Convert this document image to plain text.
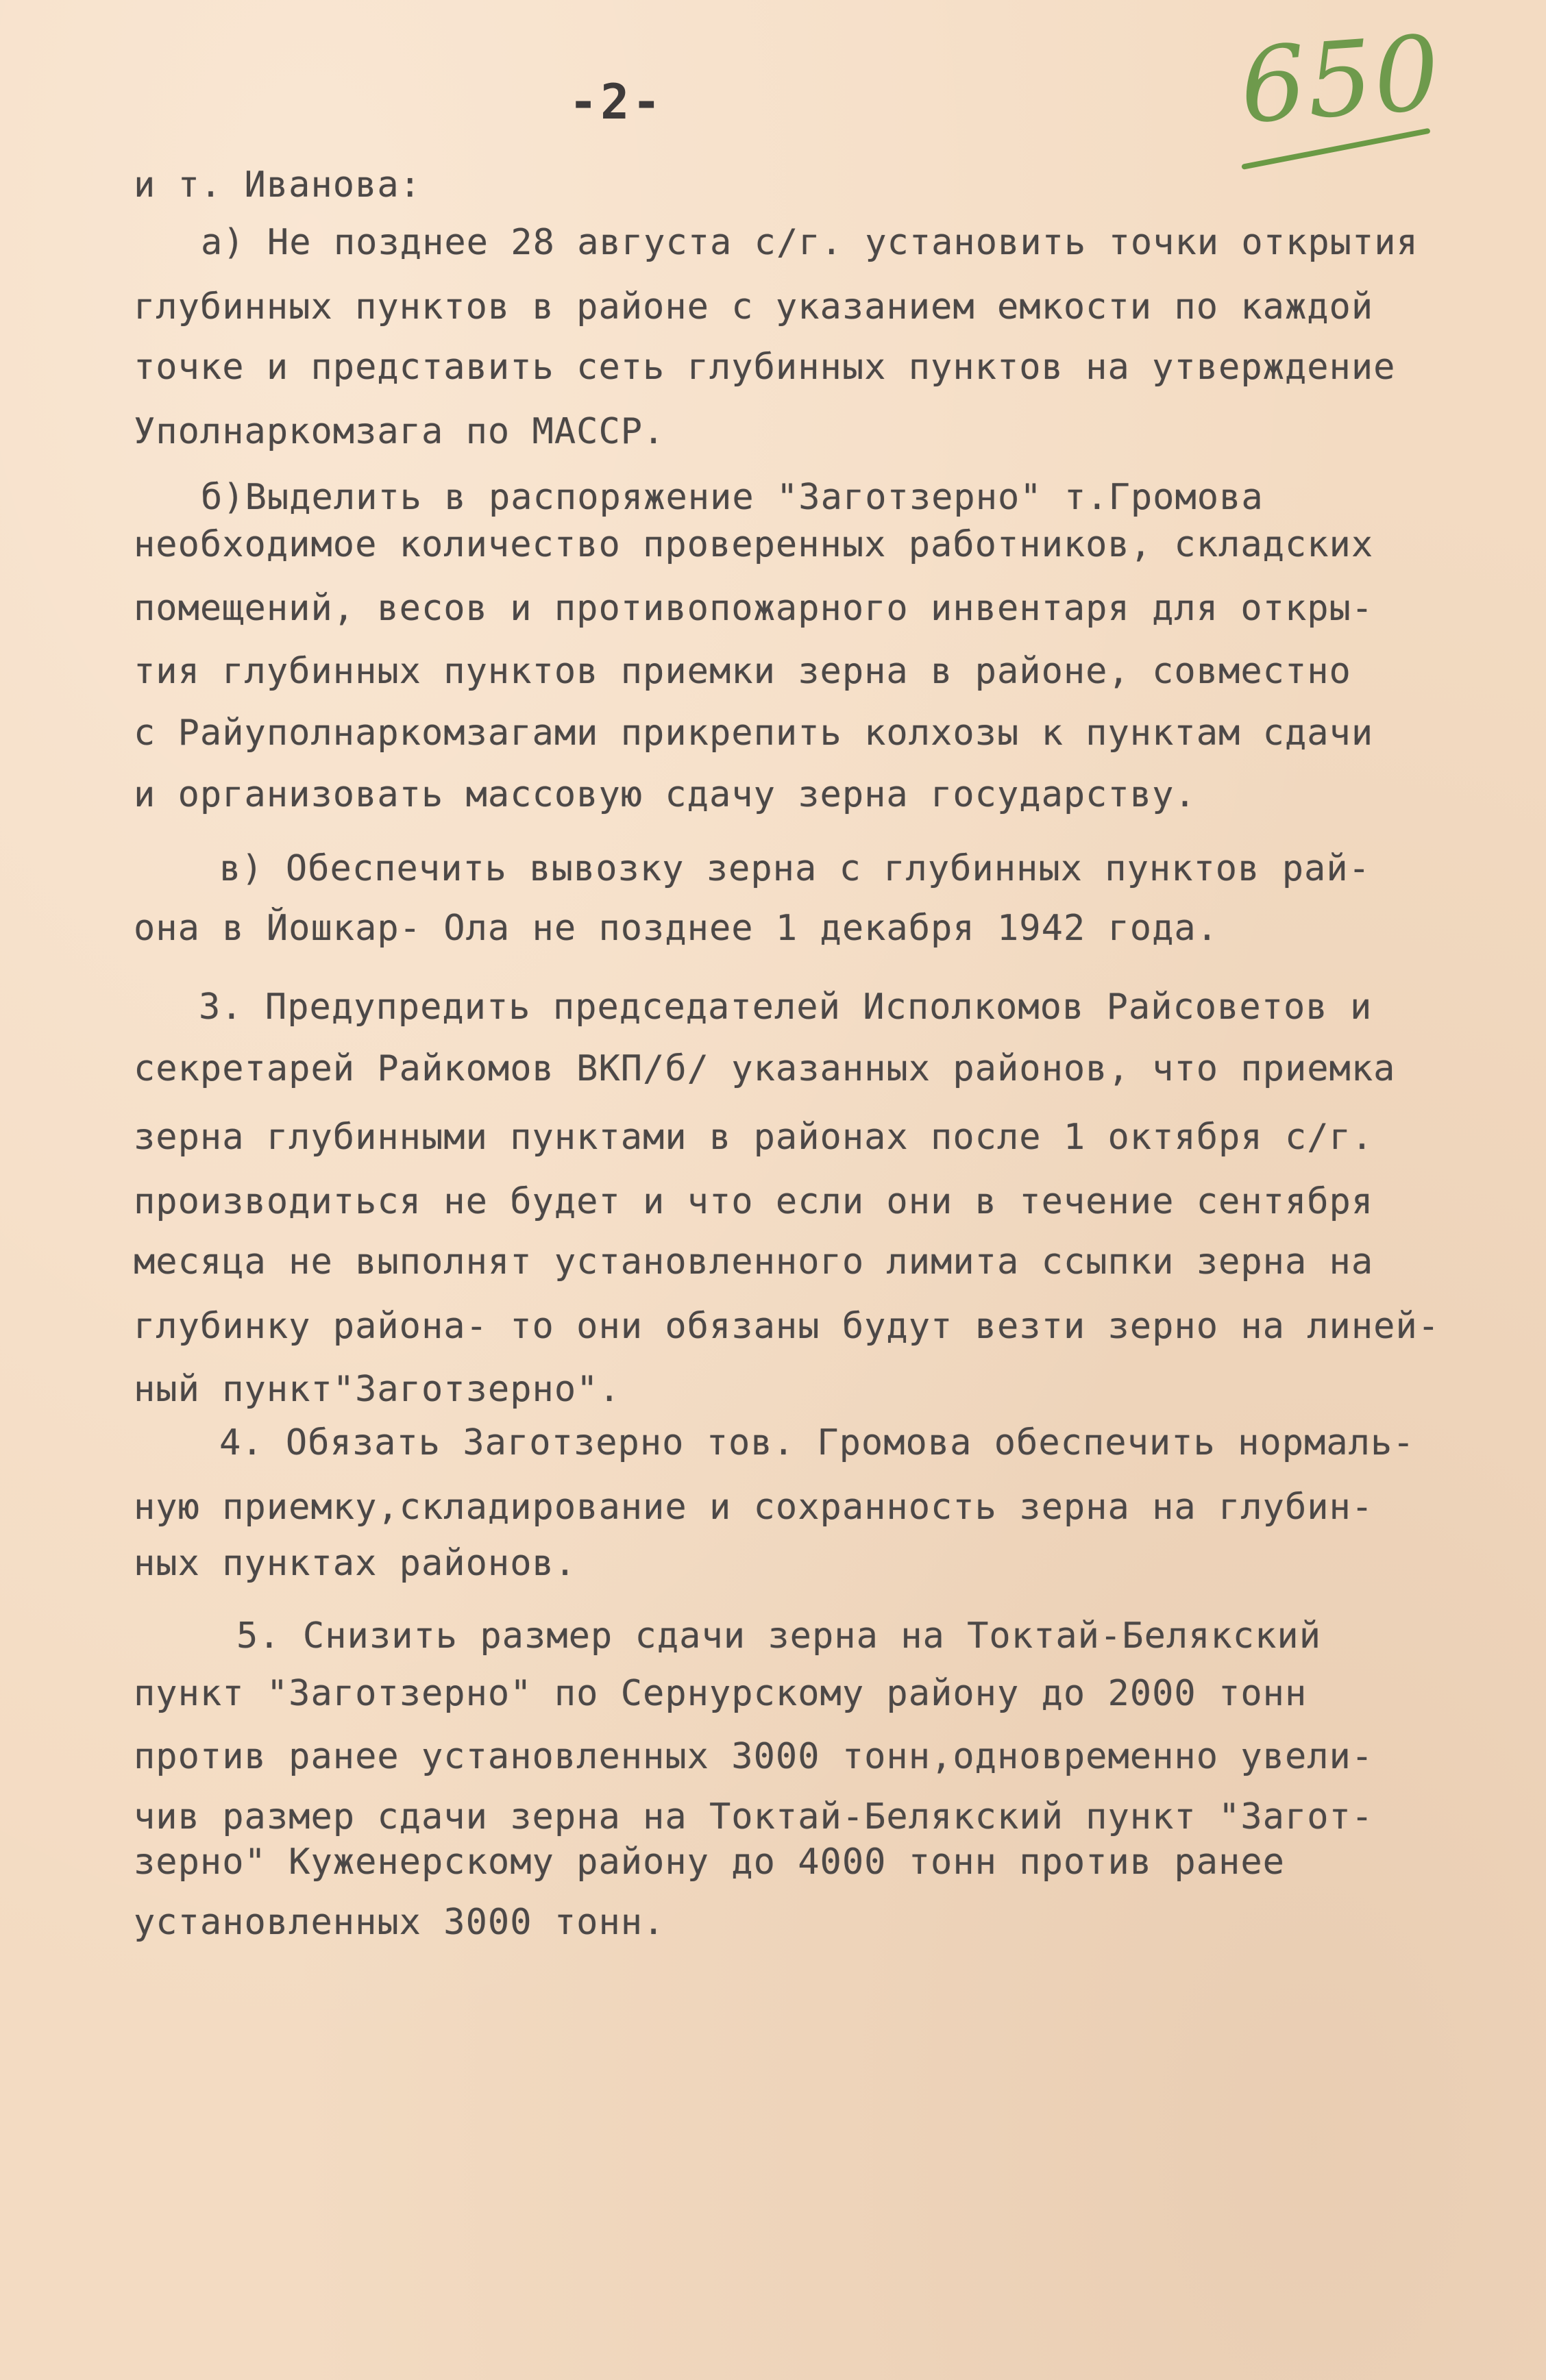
-2-	650
и т. Иванова:
а) Не позднее 28 августа с/г. установить точки открытия
глубинных пунктов в районе с указанием емкости по каждой
точке и представить сеть глубинных пунктов на утверждение
Уполнаркомзага по МАССР.
б)Выделить в распоряжение "Заготзерно" т.Громова
необходимое количество проверенных работников, складских
помещений, весов и противопожарного инвентаря для откры-
тия глубинных пунктов приемки зерна в районе, совместно
с Райуполнаркомзагами прикрепить колхозы к пунктам сдачи
и организовать массовую сдачу зерна государству.
в) Обеспечить вывозку зерна с глубинных пунктов рай-
она в Йошкар- Ола не позднее 1 декабря 1942 года.
3. Предупредить председателей Исполкомов Райсоветов и
секретарей Райкомов ВКП/б/ указанных районов, что приемка
зерна глубинными пунктами в районах после 1 октября с/г.
производиться не будет и что если они в течение сентября
месяца не выполнят установленного лимита ссыпки зерна на
глубинку района- то они обязаны будут везти зерно на линей-
ный пункт"Заготзерно".
4. Обязать Заготзерно тов. Громова обеспечить нормаль-
ную приемку,складирование и сохранность зерна на глубин-
ных пунктах районов.
5. Снизить размер сдачи зерна на Токтай-Белякский
пункт "Заготзерно" по Сернурскому району до 2000 тонн
против ранее установленных 3000 тонн,одновременно увели-
чив размер сдачи зерна на Токтай-Белякский пункт "Загот-
зерно" Куженерскому району до 4000 тонн против ранее
установленных 3000 тонн.
